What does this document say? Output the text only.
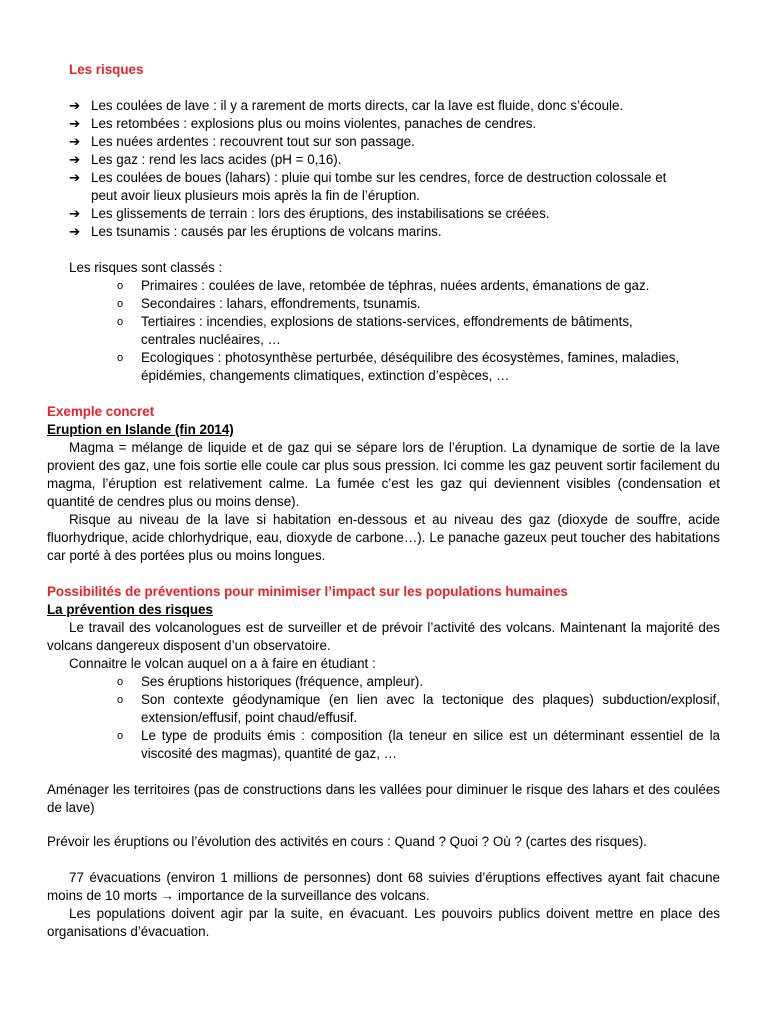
Les risques
➔ Les coulées de lave : il y a rarement de morts directs, car la lave est fluide, donc s’écoule.
➔ Les retombées : explosions plus ou moins violentes, panaches de cendres.
➔ Les nuées ardentes : recouvrent tout sur son passage.
➔ Les gaz : rend les lacs acides (pH = 0,16).
➔ Les coulées de boues (lahars) : pluie qui tombe sur les cendres, force de destruction colossale et
peut avoir lieux plusieurs mois après la fin de l’éruption.
➔ Les glissements de terrain : lors des éruptions, des instabilisations se créées.
➔ Les tsunamis : causés par les éruptions de volcans marins.
Les risques sont classés :
o Primaires : coulées de lave, retombée de téphras, nuées ardents, émanations de gaz.
o Secondaires : lahars, effondrements, tsunamis.
o Tertiaires : incendies, explosions de stations-services, effondrements de bâtiments,
centrales nucléaires, …
o Ecologiques : photosynthèse perturbée, déséquilibre des écosystèmes, famines, maladies,
épidémies, changements climatiques, extinction d’espèces, …
Exemple concret
Eruption en Islande (fin 2014)
Magma = mélange de liquide et de gaz qui se sépare lors de l’éruption. La dynamique de sortie de la lave provient des gaz, une fois sortie elle coule car plus sous pression. Ici comme les gaz peuvent sortir facilement du magma, l’éruption est relativement calme. La fumée c’est les gaz qui deviennent visibles (condensation et quantité de cendres plus ou moins dense).
Risque au niveau de la lave si habitation en-dessous et au niveau des gaz (dioxyde de souffre, acide fluorhydrique, acide chlorhydrique, eau, dioxyde de carbone…). Le panache gazeux peut toucher des habitations car porté à des portées plus ou moins longues.
Possibilités de préventions pour minimiser l’impact sur les populations humaines
La prévention des risques
Le travail des volcanologues est de surveiller et de prévoir l’activité des volcans. Maintenant la majorité des volcans dangereux disposent d’un observatoire.
Connaitre le volcan auquel on a à faire en étudiant :
o Ses éruptions historiques (fréquence, ampleur).
o Son contexte géodynamique (en lien avec la tectonique des plaques) subduction/explosif,
extension/effusif, point chaud/effusif.
o Le type de produits émis : composition (la teneur en silice est un déterminant essentiel de la
viscosité des magmas), quantité de gaz, …
Aménager les territoires (pas de constructions dans les vallées pour diminuer le risque des lahars et des coulées de lave)
Prévoir les éruptions ou l’évolution des activités en cours : Quand ? Quoi ? Où ? (cartes des risques).
77 évacuations (environ 1 millions de personnes) dont 68 suivies d’éruptions effectives ayant fait chacune moins de 10 morts → importance de la surveillance des volcans.
Les populations doivent agir par la suite, en évacuant. Les pouvoirs publics doivent mettre en place des organisations d’évacuation.
